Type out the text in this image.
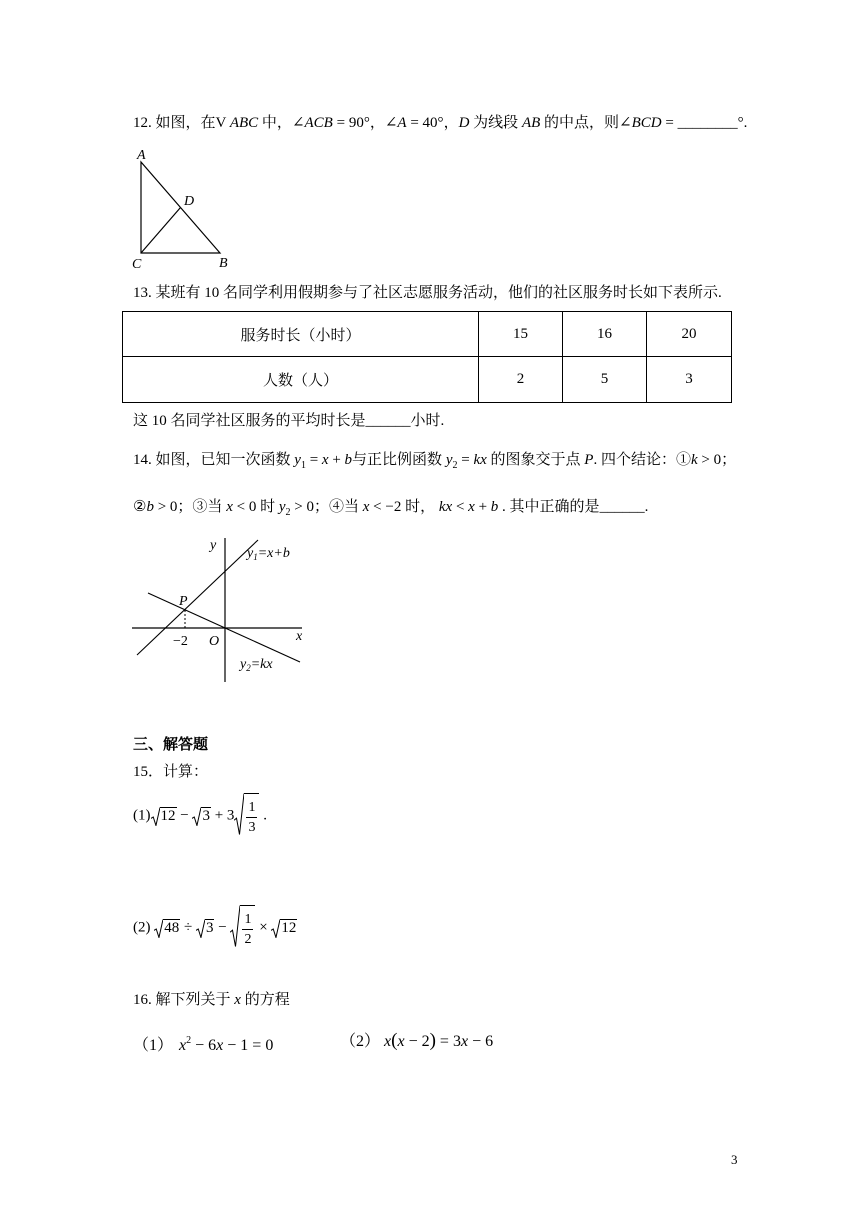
12. 如图，在V ABC 中，∠ACB = 90°，∠A = 40°，D 为线段 AB 的中点，则∠BCD = ________°.
A
D
C	B
13. 某班有 10 名同学利用假期参与了社区志愿服务活动，他们的社区服务时长如下表所示.
服务时长（小时）	15	16	20
人数（人）	2	5	3
这 10 名同学社区服务的平均时长是______小时.
14. 如图，已知一次函数 $y_1 = x + b$与正比例函数 $y_2$ = kx 的图象交于点 P. 四个结论：①k > 0；
②b > 0；③当 x < 0 时 $y_2 > 0$；④当 x < −2 时， kx < x + b . 其中正确的是______.
y
x
O
P
−2
$y_1=x+b$
$y_2=kx$
三、解答题
15．计算：
(1) $12 - 3 + 3 \frac{1}{3}$ .
(2) $48 \div 3 - \frac{1}{2} \times 12$
16. 解下列关于 x 的方程
（1） $x^2 - 6x - 1 = 0$	（2） x(x − 2) = 3x − 6
3
